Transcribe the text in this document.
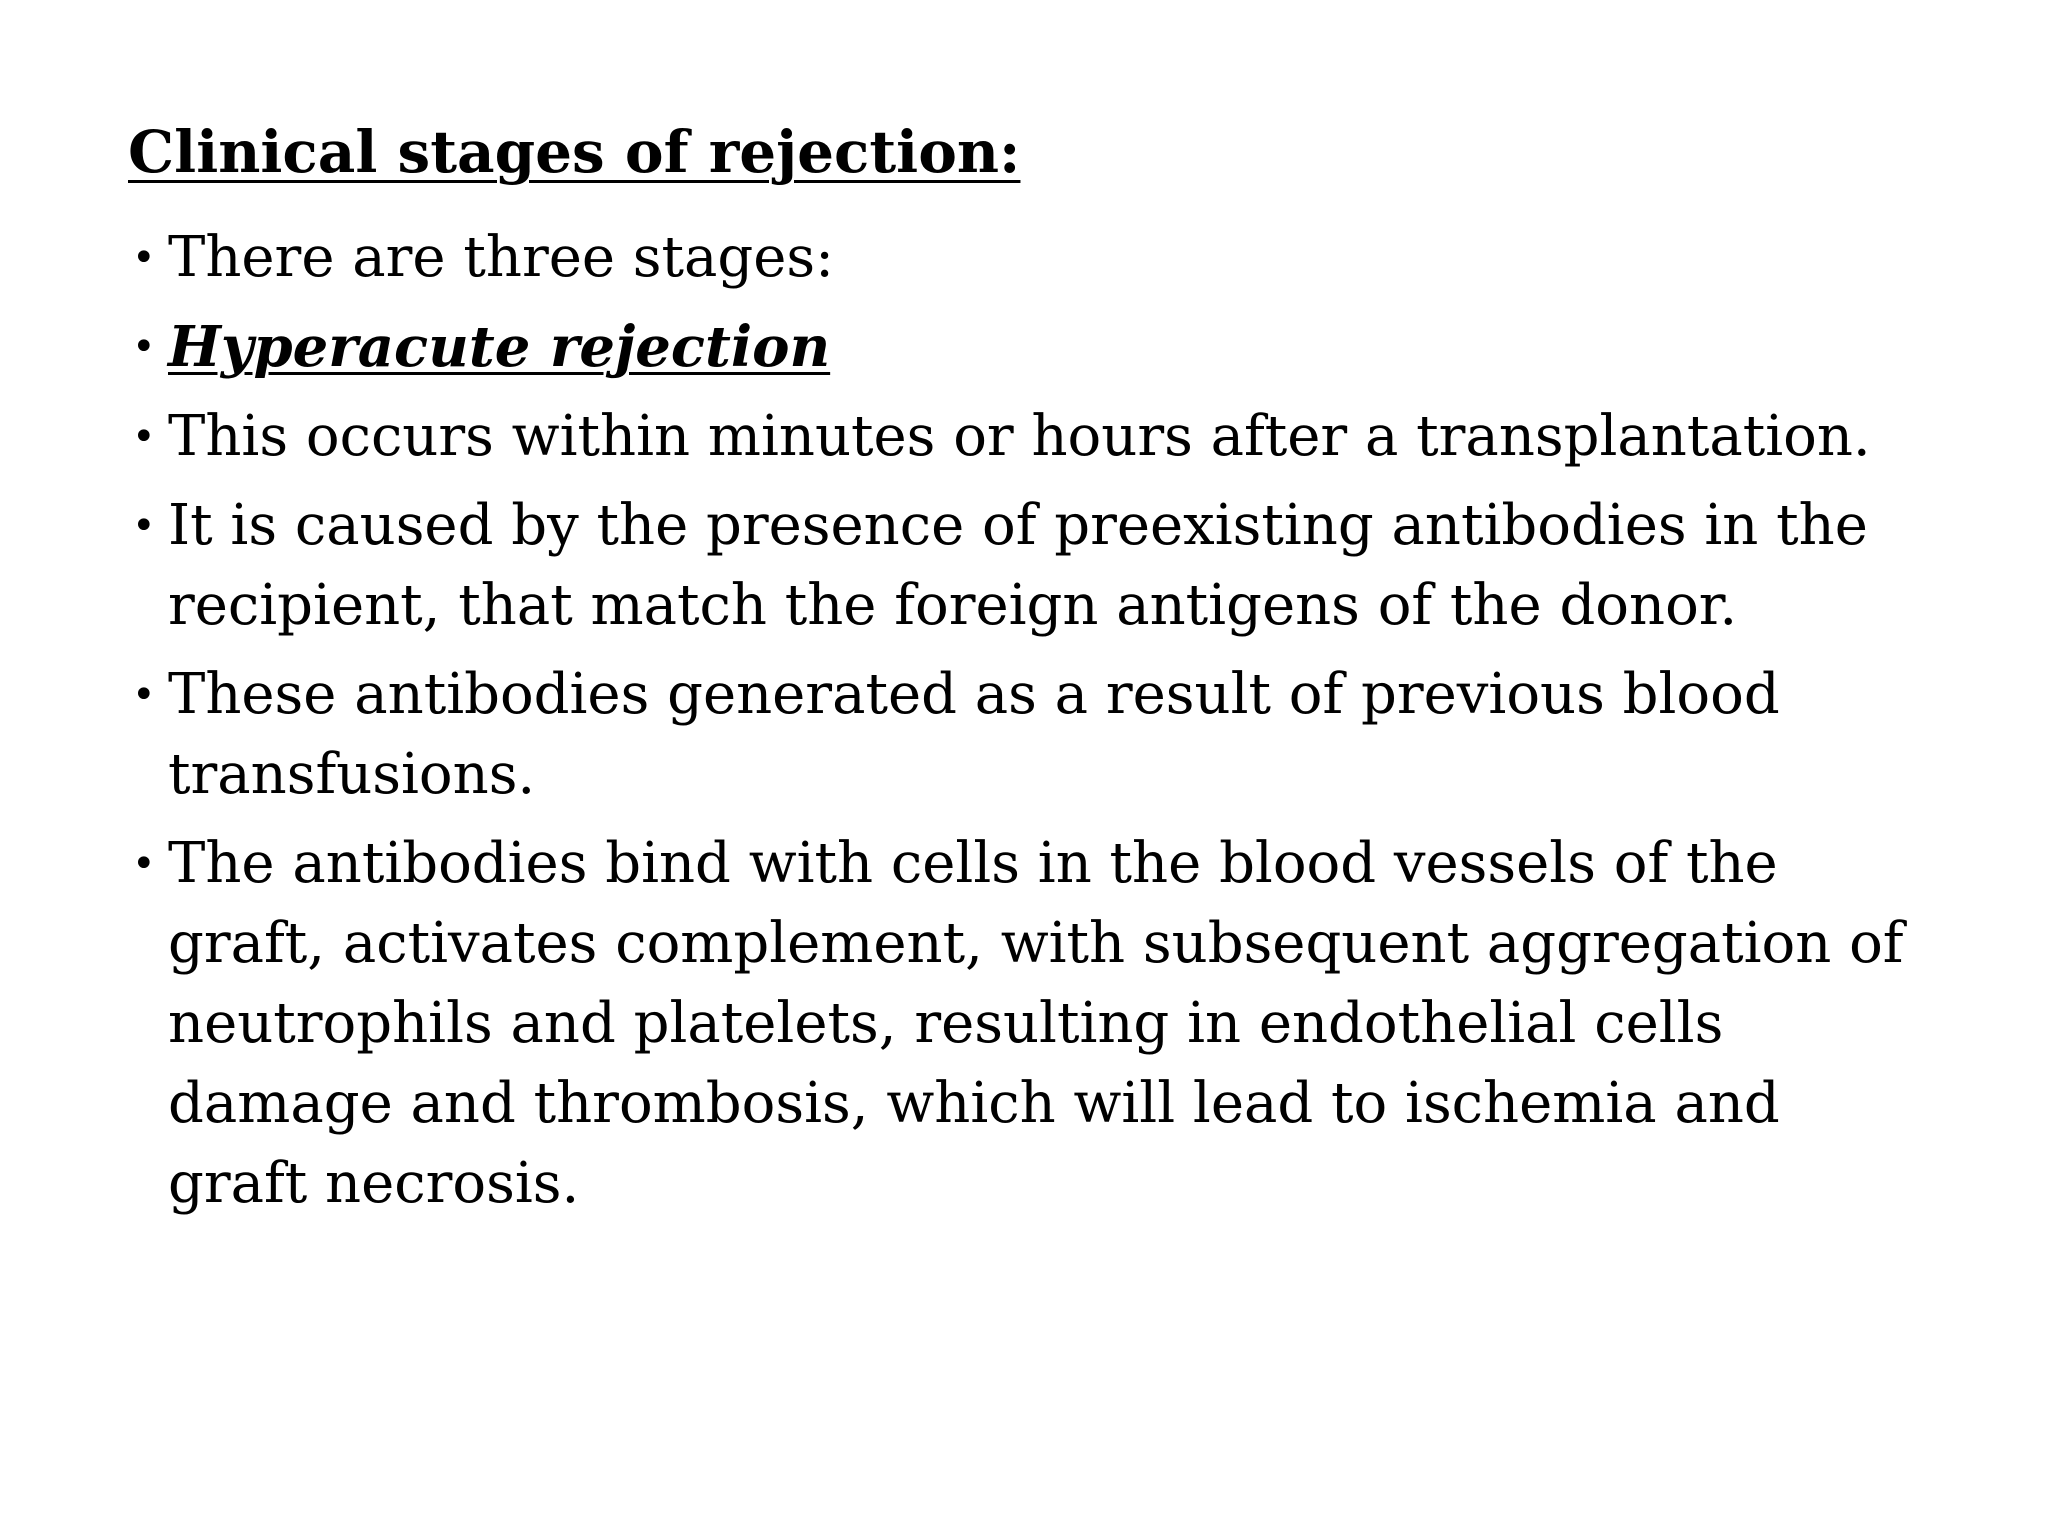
Clinical stages of rejection:
• There are three stages:
• Hyperacute rejection
• This occurs within minutes or hours after a transplantation.
• It is caused by the presence of preexisting antibodies in the recipient, that match the foreign antigens of the donor.
• These antibodies generated as a result of previous blood transfusions.
• The antibodies bind with cells in the blood vessels of the graft, activates complement, with subsequent aggregation of neutrophils and platelets, resulting in endothelial cells damage and thrombosis, which will lead to ischemia and graft necrosis.
